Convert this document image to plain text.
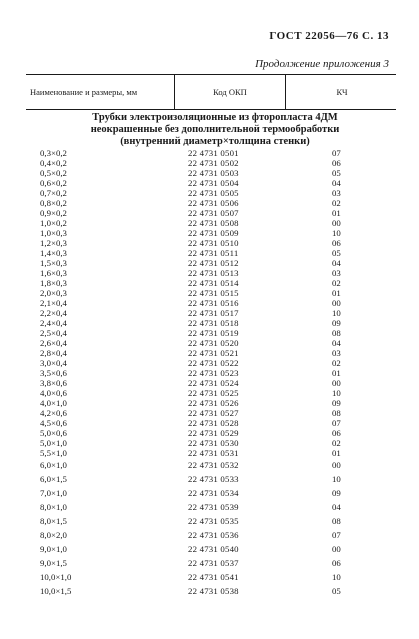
ГОСТ 22056—76 С. 13
Продолжение приложения 3
Наименование и размеры, мм	Код ОКП	КЧ
Трубки электроизоляционные из фторопласта 4ДМ
неокрашенные без дополнительной термообработки
(внутренний диаметр×толщина стенки)
0,3×0,2	22 4731 0501	07
0,4×0,2	22 4731 0502	06
0,5×0,2	22 4731 0503	05
0,6×0,2	22 4731 0504	04
0,7×0,2	22 4731 0505	03
0,8×0,2	22 4731 0506	02
0,9×0,2	22 4731 0507	01
1,0×0,2	22 4731 0508	00
1,0×0,3	22 4731 0509	10
1,2×0,3	22 4731 0510	06
1,4×0,3	22 4731 0511	05
1,5×0,3	22 4731 0512	04
1,6×0,3	22 4731 0513	03
1,8×0,3	22 4731 0514	02
2,0×0,3	22 4731 0515	01
2,1×0,4	22 4731 0516	00
2,2×0,4	22 4731 0517	10
2,4×0,4	22 4731 0518	09
2,5×0,4	22 4731 0519	08
2,6×0,4	22 4731 0520	04
2,8×0,4	22 4731 0521	03
3,0×0,4	22 4731 0522	02
3,5×0,6	22 4731 0523	01
3,8×0,6	22 4731 0524	00
4,0×0,6	22 4731 0525	10
4,0×1,0	22 4731 0526	09
4,2×0,6	22 4731 0527	08
4,5×0,6	22 4731 0528	07
5,0×0,6	22 4731 0529	06
5,0×1,0	22 4731 0530	02
5,5×1,0	22 4731 0531	01
6,0×1,0	22 4731 0532	00
6,0×1,5	22 4731 0533	10
7,0×1,0	22 4731 0534	09
8,0×1,0	22 4731 0539	04
8,0×1,5	22 4731 0535	08
8,0×2,0	22 4731 0536	07
9,0×1,0	22 4731 0540	00
9,0×1,5	22 4731 0537	06
10,0×1,0	22 4731 0541	10
10,0×1,5	22 4731 0538	05
